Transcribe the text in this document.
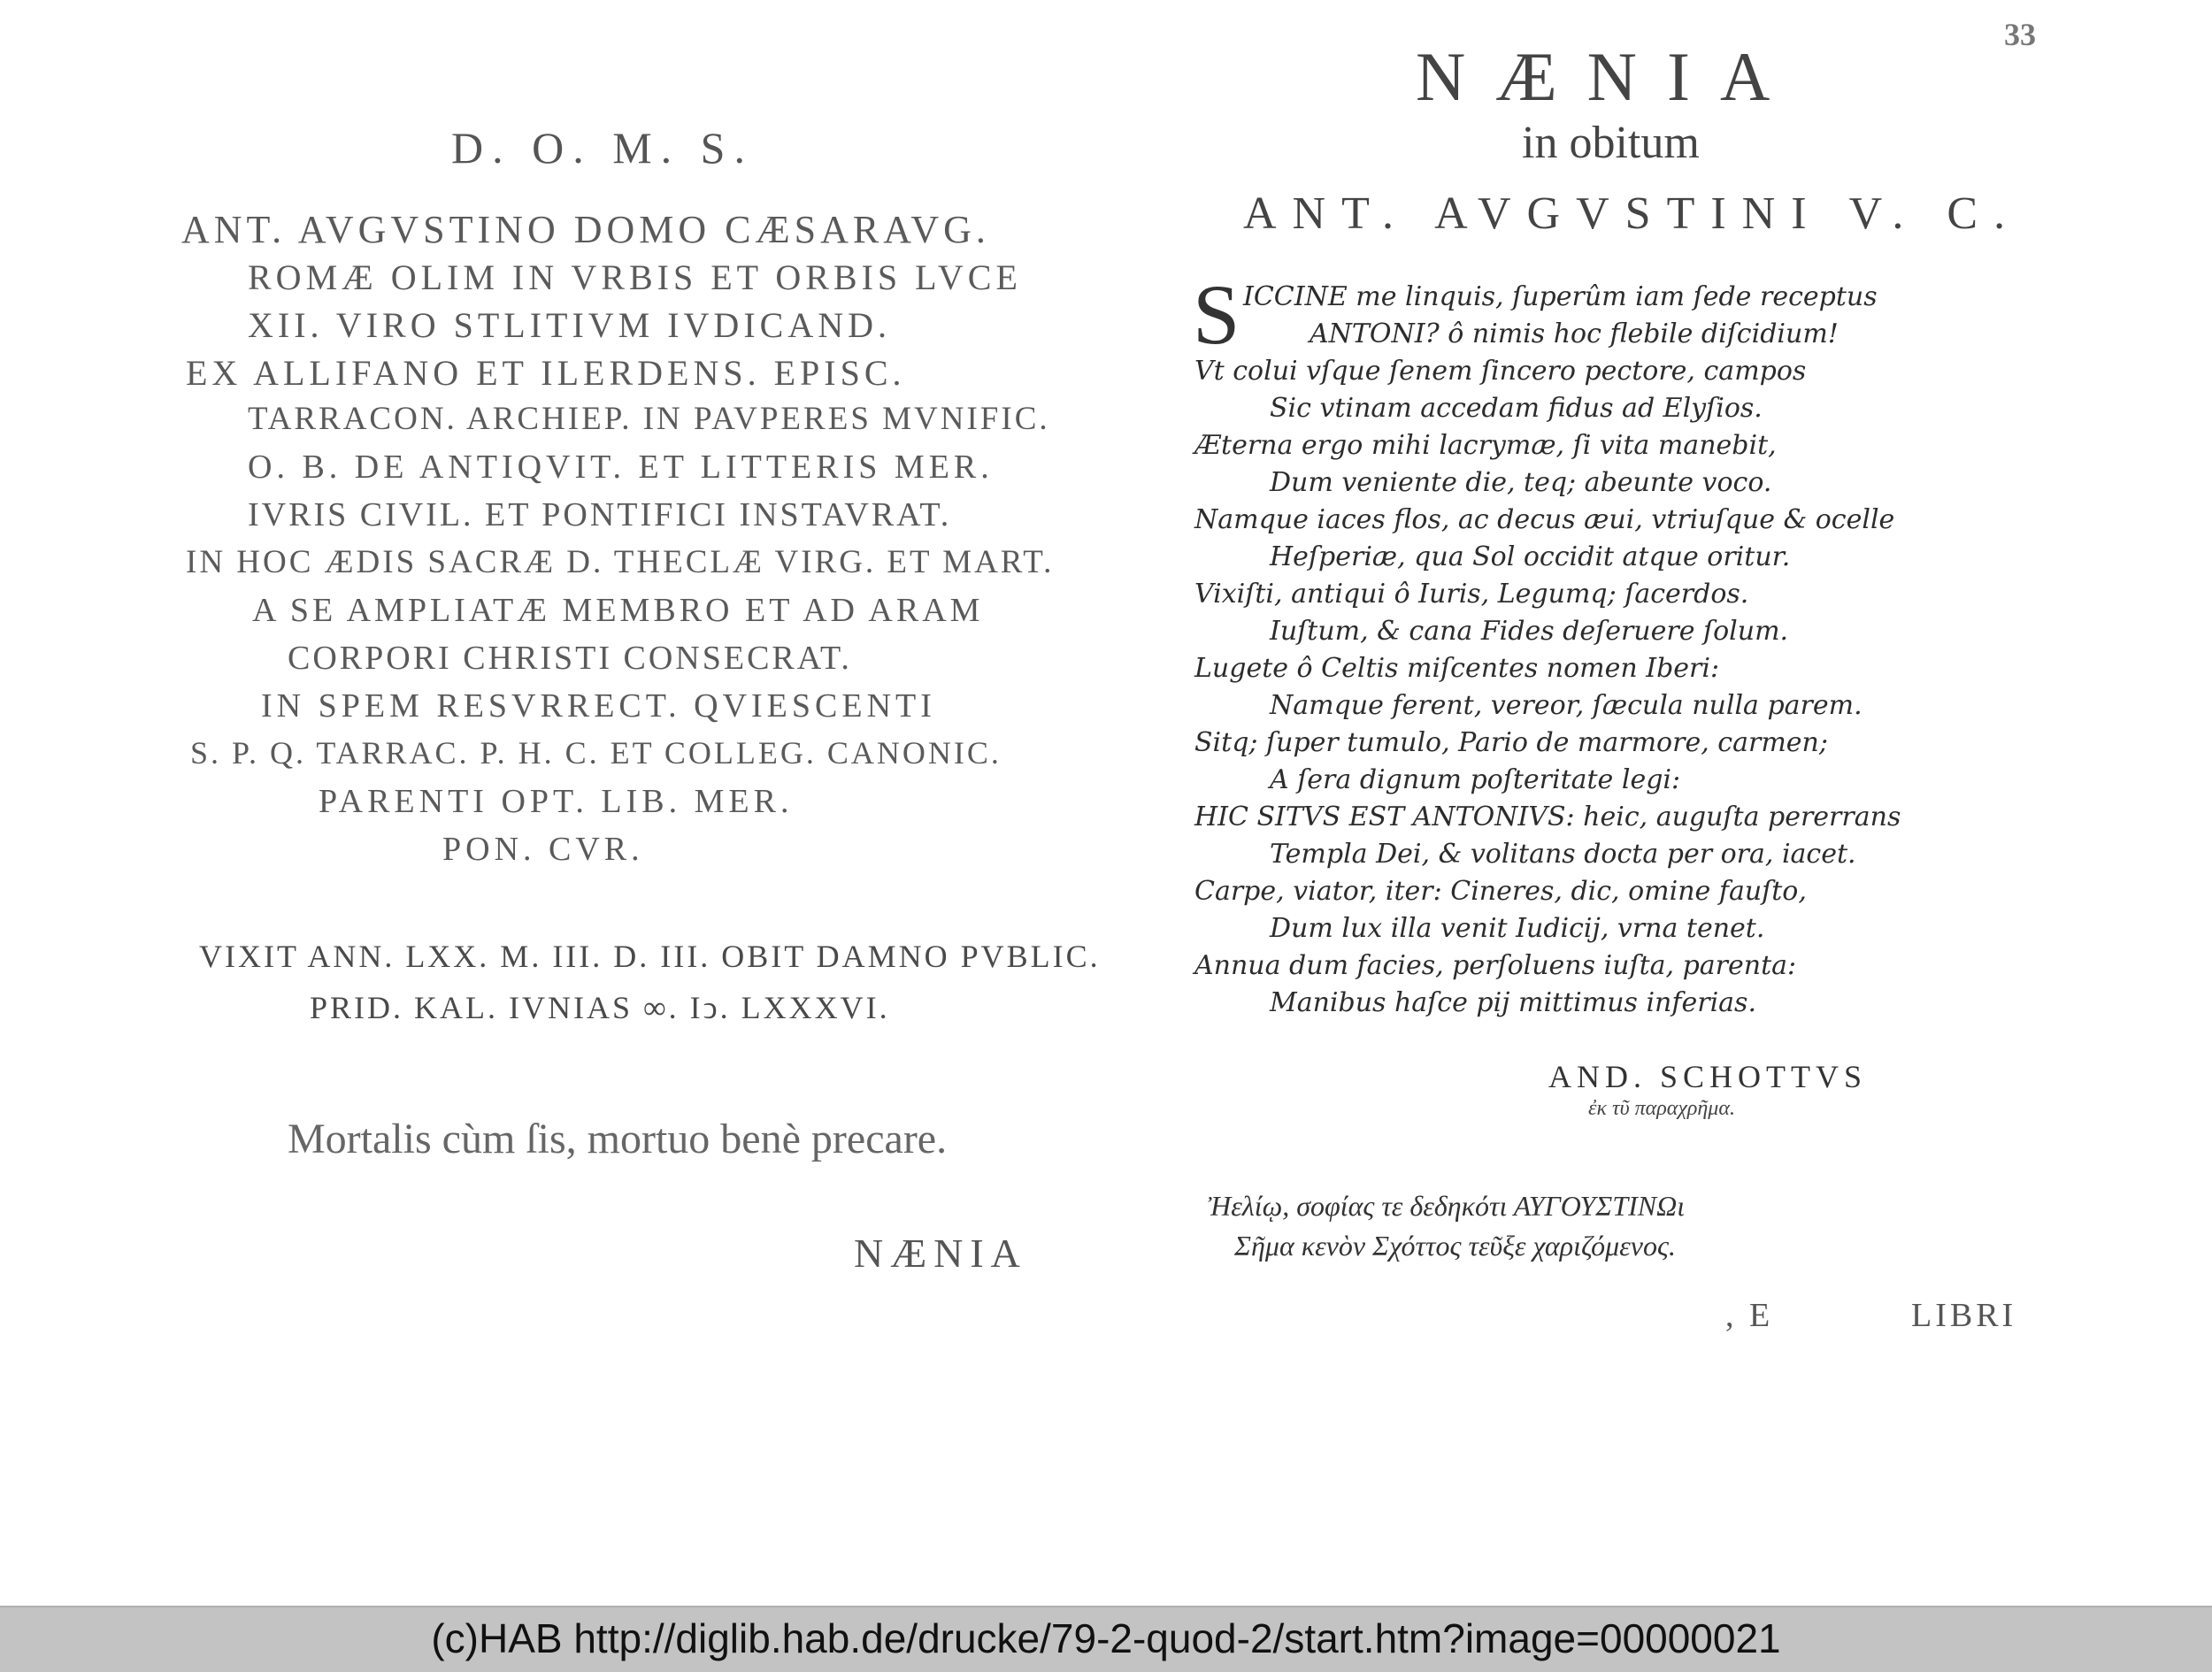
D. O. M. S.
ANT. AVGVSTINO DOMO CÆSARAVG.
ROMÆ OLIM IN VRBIS ET ORBIS LVCE
XII. VIRO STLITIVM IVDICAND.
EX ALLIFANO ET ILERDENS. EPISC.
TARRACON. ARCHIEP. IN PAVPERES MVNIFIC.
O. B. DE ANTIQVIT. ET LITTERIS MER.
IVRIS CIVIL. ET PONTIFICI INSTAVRAT.
IN HOC ÆDIS SACRÆ D. THECLÆ VIRG. ET MART.
A SE AMPLIATÆ MEMBRO ET AD ARAM
CORPORI CHRISTI CONSECRAT.
IN SPEM RESVRRECT. QVIESCENTI
S. P. Q. TARRAC. P. H. C. ET COLLEG. CANONIC.
PARENTI OPT. LIB. MER.
PON. CVR.
VIXIT ANN. LXX. M. III. D. III. OBIT DAMNO PVBLIC.
PRID. KAL. IVNIAS ∞. Іↄ. LXXXVI.
Mortalis cùm ſis, mortuo benè precare.
NÆNIA
33
NÆNIA
in obitum
ANT. AVGVSTINI V. C.
S ICCINE me linquis, ſuperûm iam ſede receptus
ANTONI? ô nimis hoc flebile diſcidium!
Vt colui vſque ſenem ſincero pectore, campos
Sic vtinam accedam fidus ad Elyſios.
Æterna ergo mihi lacrymæ, ſi vita manebit,
Dum veniente die, teq; abeunte voco.
Namque iaces flos, ac decus æui, vtriuſque & ocelle
Heſperiæ, qua Sol occidit atque oritur.
Vixiſti, antiqui ô Iuris, Legumq; ſacerdos.
Iuſtum, & cana Fides deſeruere ſolum.
Lugete ô Celtis miſcentes nomen Iberi:
Namque ferent, vereor, ſæcula nulla parem.
Sitq; ſuper tumulo, Pario de marmore, carmen;
A ſera dignum poſteritate legi:
HIC SITVS EST ANTONIVS: heic, auguſta pererrans
Templa Dei, & volitans docta per ora, iacet.
Carpe, viator, iter: Cineres, dic, omine fauſto,
Dum lux illa venit Iudicij, vrna tenet.
Annua dum facies, perſoluens iuſta, parenta:
Manibus haſce pij mittimus inferias.
AND. SCHOTTVS
ἐκ τῦ παραχρῆμα.
Ἠελίῳ, σοφίας τε δεδηκότι ΑΥΓΟΥΣΤΙΝΩι
Σῆμα κενὸν Σχόττος τεῦξε χαριζόμενος.
, E	LIBRI
(c)HAB http://diglib.hab.de/drucke/79-2-quod-2/start.htm?image=00000021
